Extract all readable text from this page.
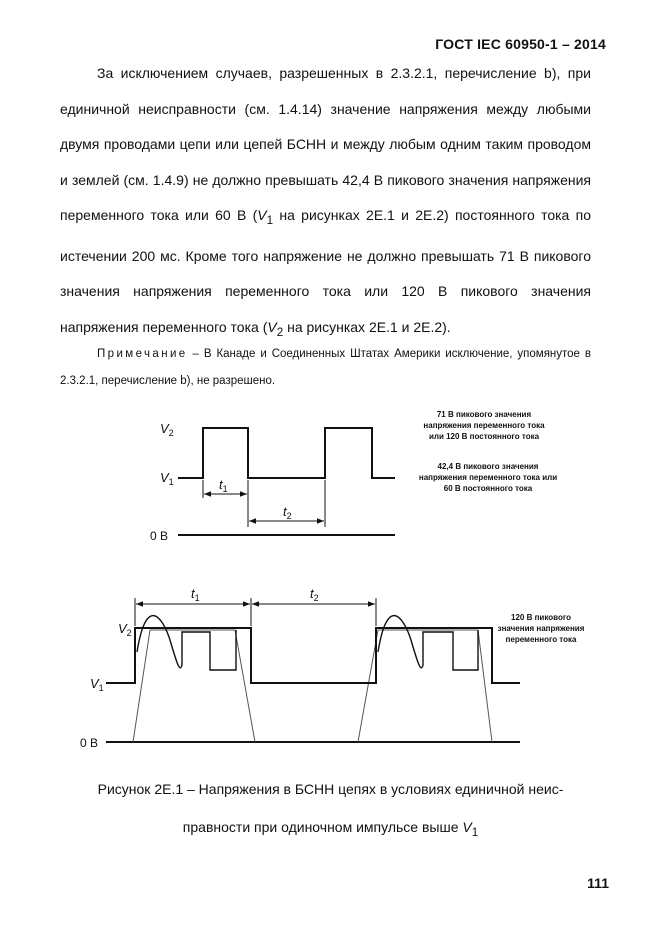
ГОСТ IEC 60950-1 – 2014

За исключением случаев, разрешенных в 2.3.2.1, перечисление b), при единичной неисправности (см. 1.4.14) значение напряжения между любыми двумя проводами цепи или цепей БСНН и между любым одним таким проводом и землей (см. 1.4.9) не должно превышать 42,4 В пикового значения напряжения переменного тока или 60 В ($V_1$ на рисунках 2Е.1 и 2Е.2) постоянного тока по истечении 200 мс. Кроме того напряжение не должно превышать 71 В пикового значения напряжения переменного тока или 120 В пикового значения напряжения переменного тока ($V_2$ на рисунках 2Е.1 и 2Е.2).

Примечание – В Канаде и Соединенных Штатах Америки исключение, упомянутое в 2.3.2.1, перечисление b), не разрешено.

$V_2$
$V_1$
0 В
$t_1$
$t_2$
71 В пикового значения
напряжения переменного тока
или 120 В постоянного тока
42,4 В пикового значения
напряжения переменного тока или
60 В постоянного тока
$t_1$	$t_2$
$V_2$
$V_1$
0 В
120 В пикового
значения напряжения
переменного тока

Рисунок 2Е.1 – Напряжения в БСНН цепях в условиях единичной неис-

правности при одиночном импульсе выше $V_1$

111
